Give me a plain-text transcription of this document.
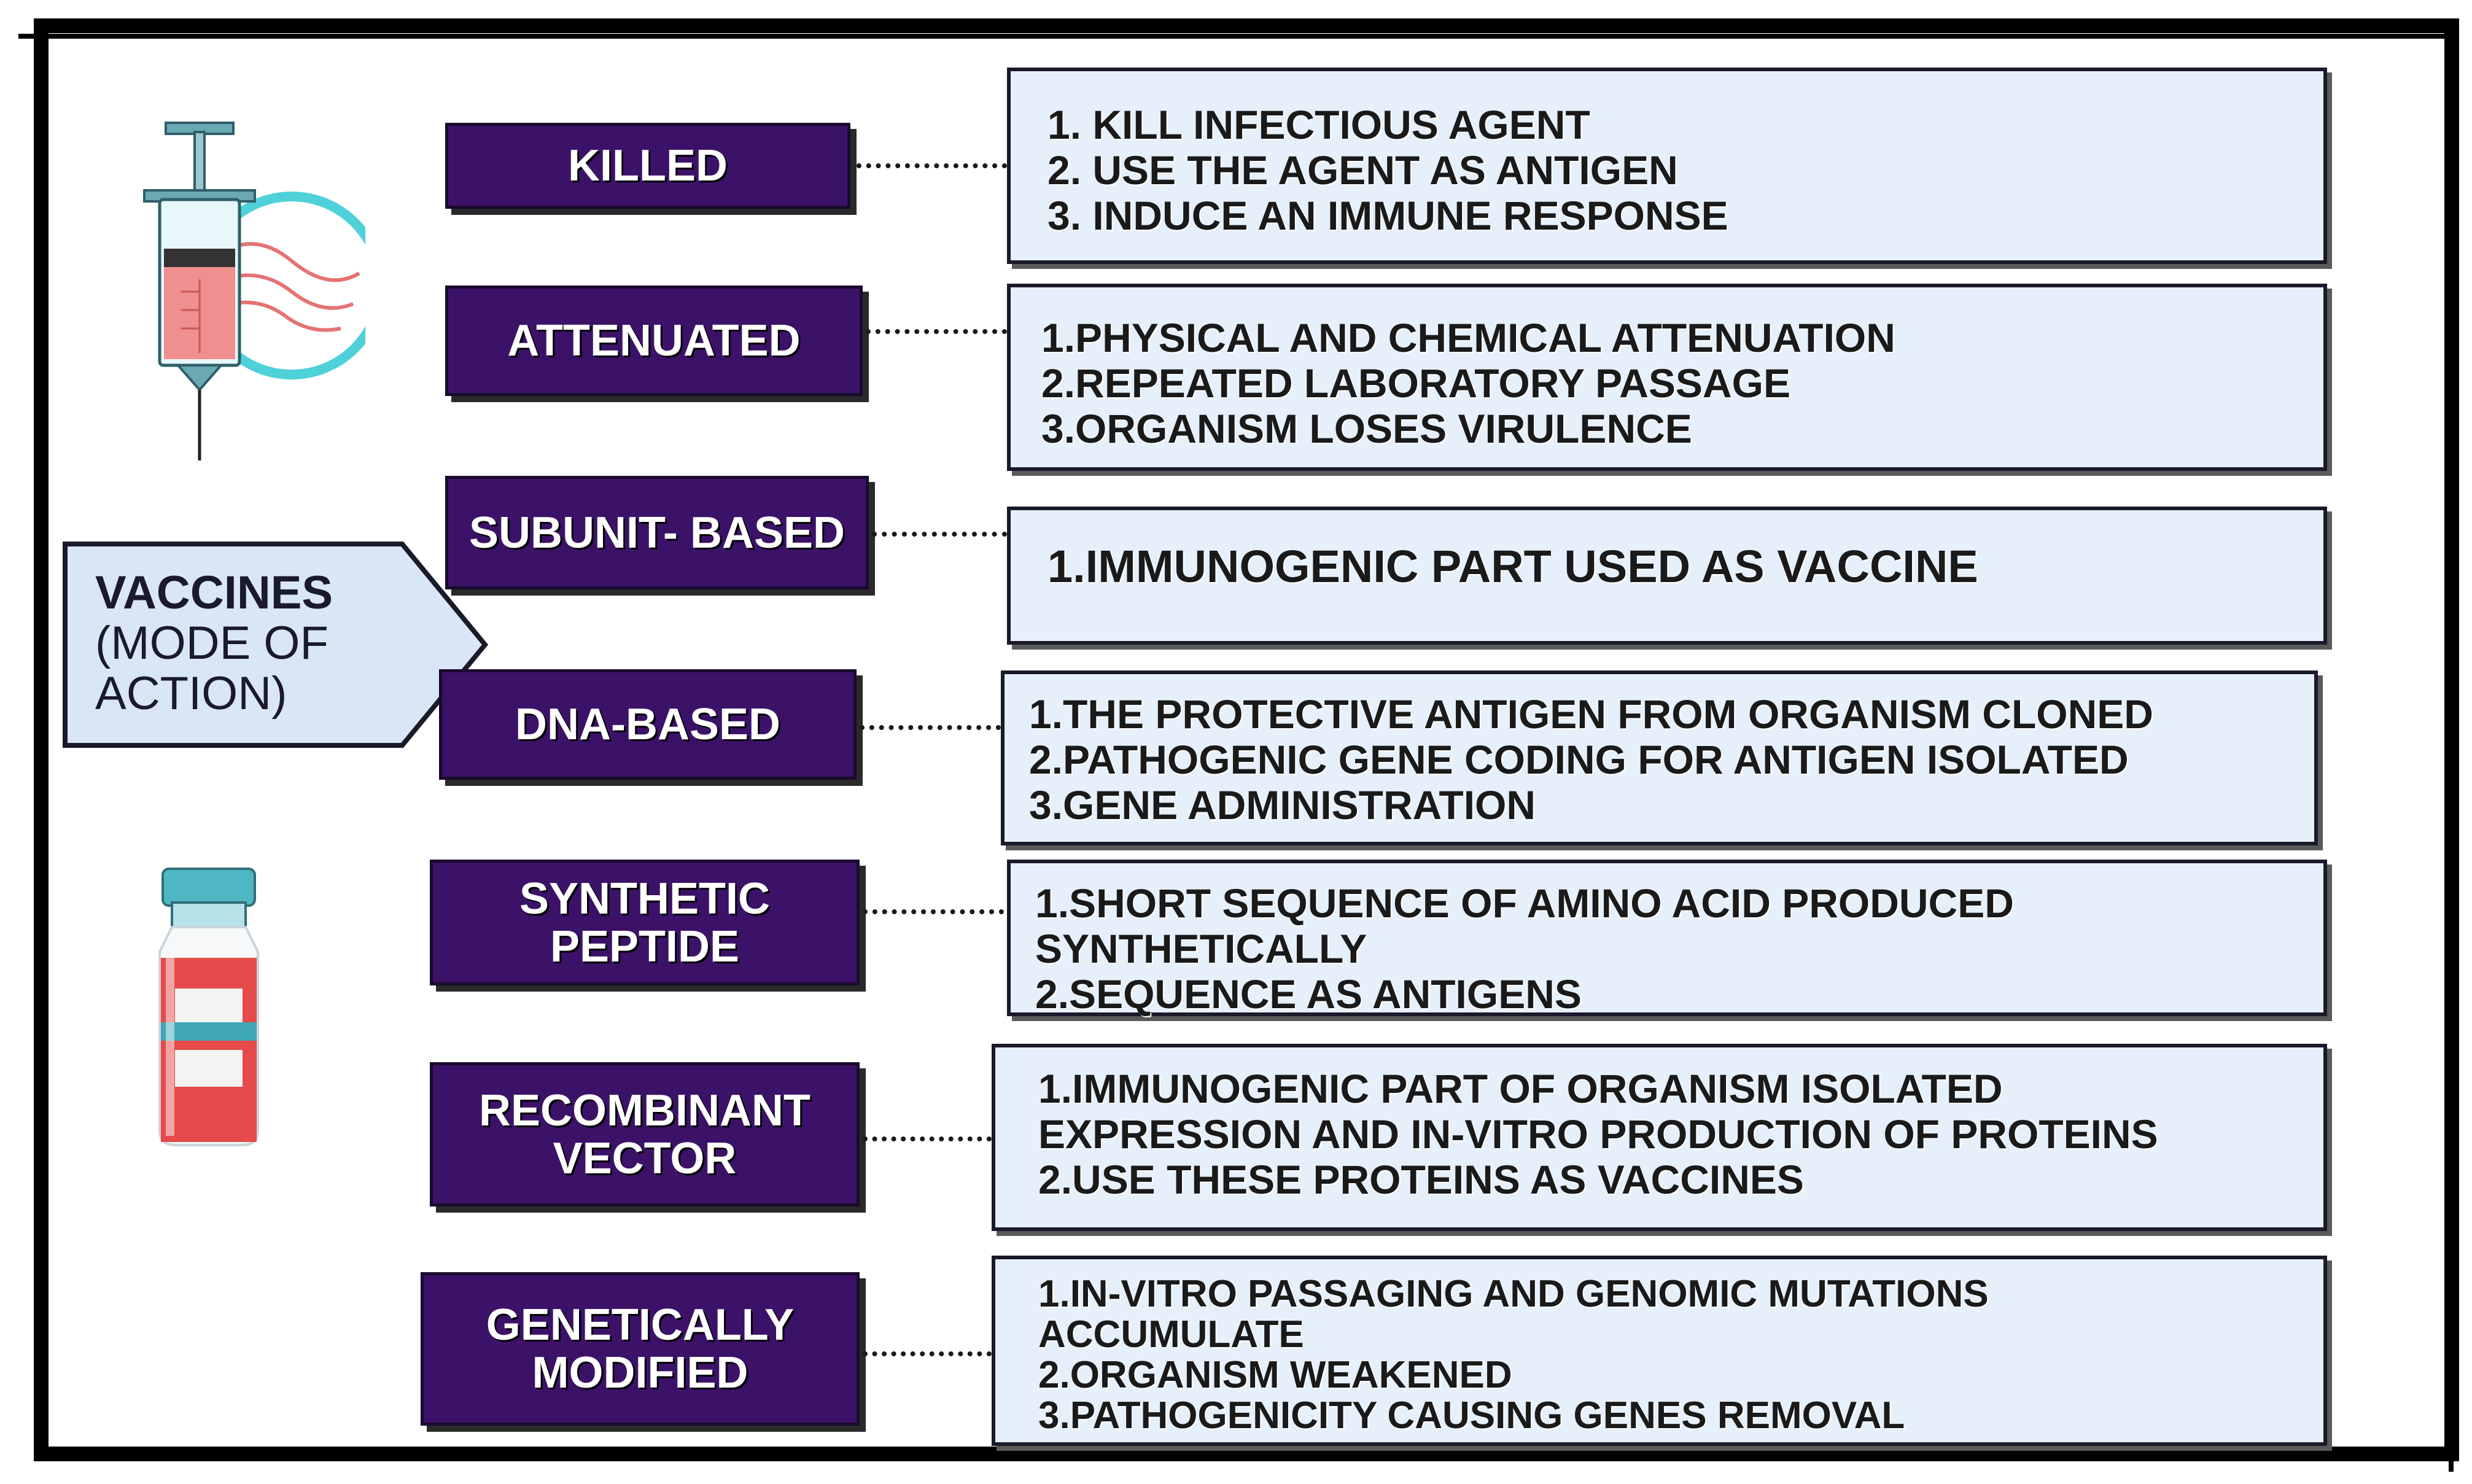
VACCINES
(MODE OF
ACTION)
KILLED
1. KILL INFECTIOUS AGENT
2. USE THE AGENT AS ANTIGEN
3. INDUCE AN IMMUNE RESPONSE
ATTENUATED	1.PHYSICAL AND CHEMICAL ATTENUATION
2.REPEATED LABORATORY PASSAGE
3.ORGANISM LOSES VIRULENCE
SUBUNIT- BASED
1.IMMUNOGENIC PART USED AS VACCINE
DNA-BASED	1.THE PROTECTIVE ANTIGEN FROM ORGANISM CLONED
2.PATHOGENIC GENE CODING FOR ANTIGEN ISOLATED
3.GENE ADMINISTRATION
SYNTHETIC PEPTIDE
1.SHORT SEQUENCE OF AMINO ACID PRODUCED
SYNTHETICALLY
2.SEQUENCE AS ANTIGENS
RECOMBINANT VECTOR
1.IMMUNOGENIC PART OF ORGANISM ISOLATED
EXPRESSION AND IN-VITRO PRODUCTION OF PROTEINS
2.USE THESE PROTEINS AS VACCINES
GENETICALLY MODIFIED
1.IN-VITRO PASSAGING AND GENOMIC MUTATIONS
ACCUMULATE
2.ORGANISM WEAKENED
3.PATHOGENICITY CAUSING GENES REMOVAL
